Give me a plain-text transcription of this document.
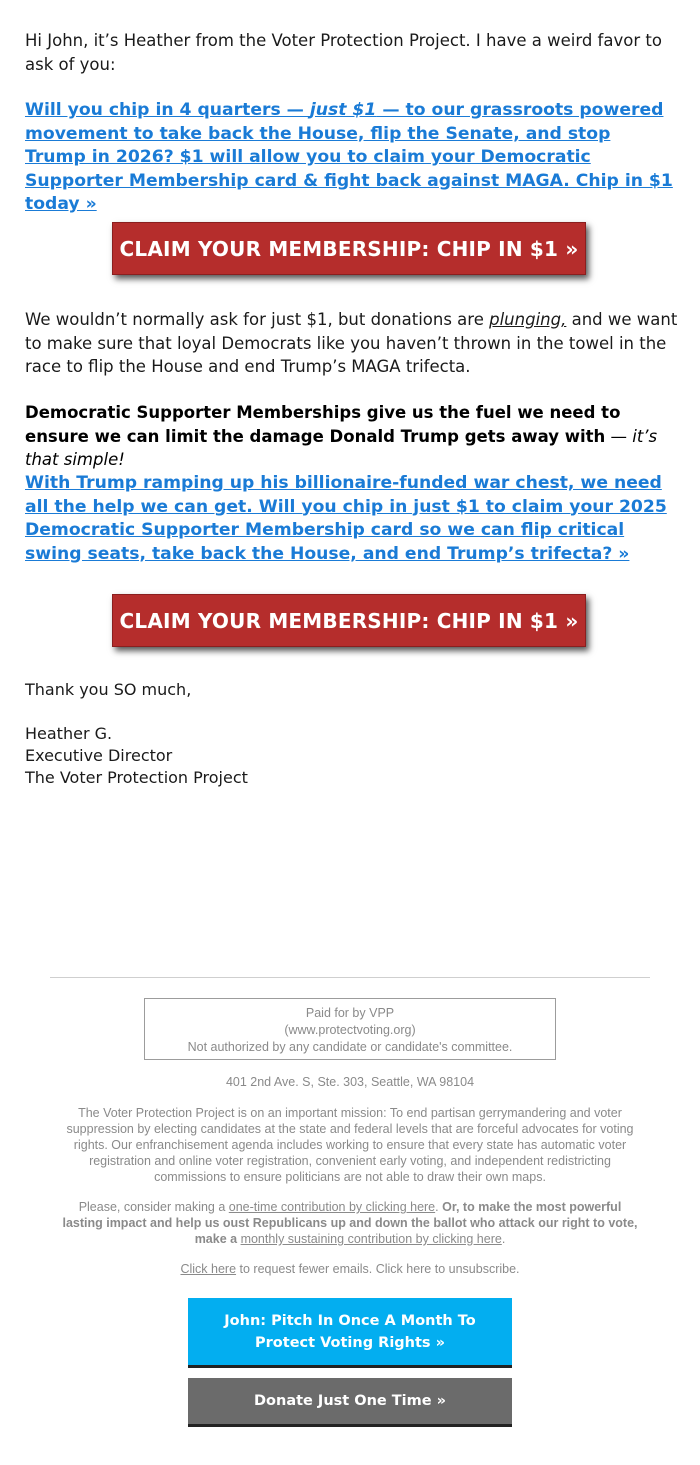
Hi John, it’s Heather from the Voter Protection Project. I have a weird favor to ask of you:

Will you chip in 4 quarters — just $1 — to our grassroots powered movement to take back the House, flip the Senate, and stop Trump in 2026? $1 will allow you to claim your Democratic Supporter Membership card & fight back against MAGA. Chip in $1 today »

CLAIM YOUR MEMBERSHIP: CHIP IN $1 »

We wouldn’t normally ask for just $1, but donations are plunging, and we want to make sure that loyal Democrats like you haven’t thrown in the towel in the race to flip the House and end Trump’s MAGA trifecta.

Democratic Supporter Memberships give us the fuel we need to ensure we can limit the damage Donald Trump gets away with — it’s that simple!

With Trump ramping up his billionaire-funded war chest, we need all the help we can get. Will you chip in just $1 to claim your 2025 Democratic Supporter Membership card so we can flip critical swing seats, take back the House, and end Trump’s trifecta? »

CLAIM YOUR MEMBERSHIP: CHIP IN $1 »

Thank you SO much,

Heather G.

Executive Director

The Voter Protection Project

Paid for by VPP
(www.protectvoting.org)
Not authorized by any candidate or candidate's committee.

401 2nd Ave. S, Ste. 303, Seattle, WA 98104

The Voter Protection Project is on an important mission: To end partisan gerrymandering and voter suppression by electing candidates at the state and federal levels that are forceful advocates for voting rights. Our enfranchisement agenda includes working to ensure that every state has automatic voter registration and online voter registration, convenient early voting, and independent redistricting commissions to ensure politicians are not able to draw their own maps.

Please, consider making a one-time contribution by clicking here. Or, to make the most powerful lasting impact and help us oust Republicans up and down the ballot who attack our right to vote, make a monthly sustaining contribution by clicking here.

Click here to request fewer emails. Click here to unsubscribe.

John: Pitch In Once A Month To Protect Voting Rights »
Donate Just One Time »
